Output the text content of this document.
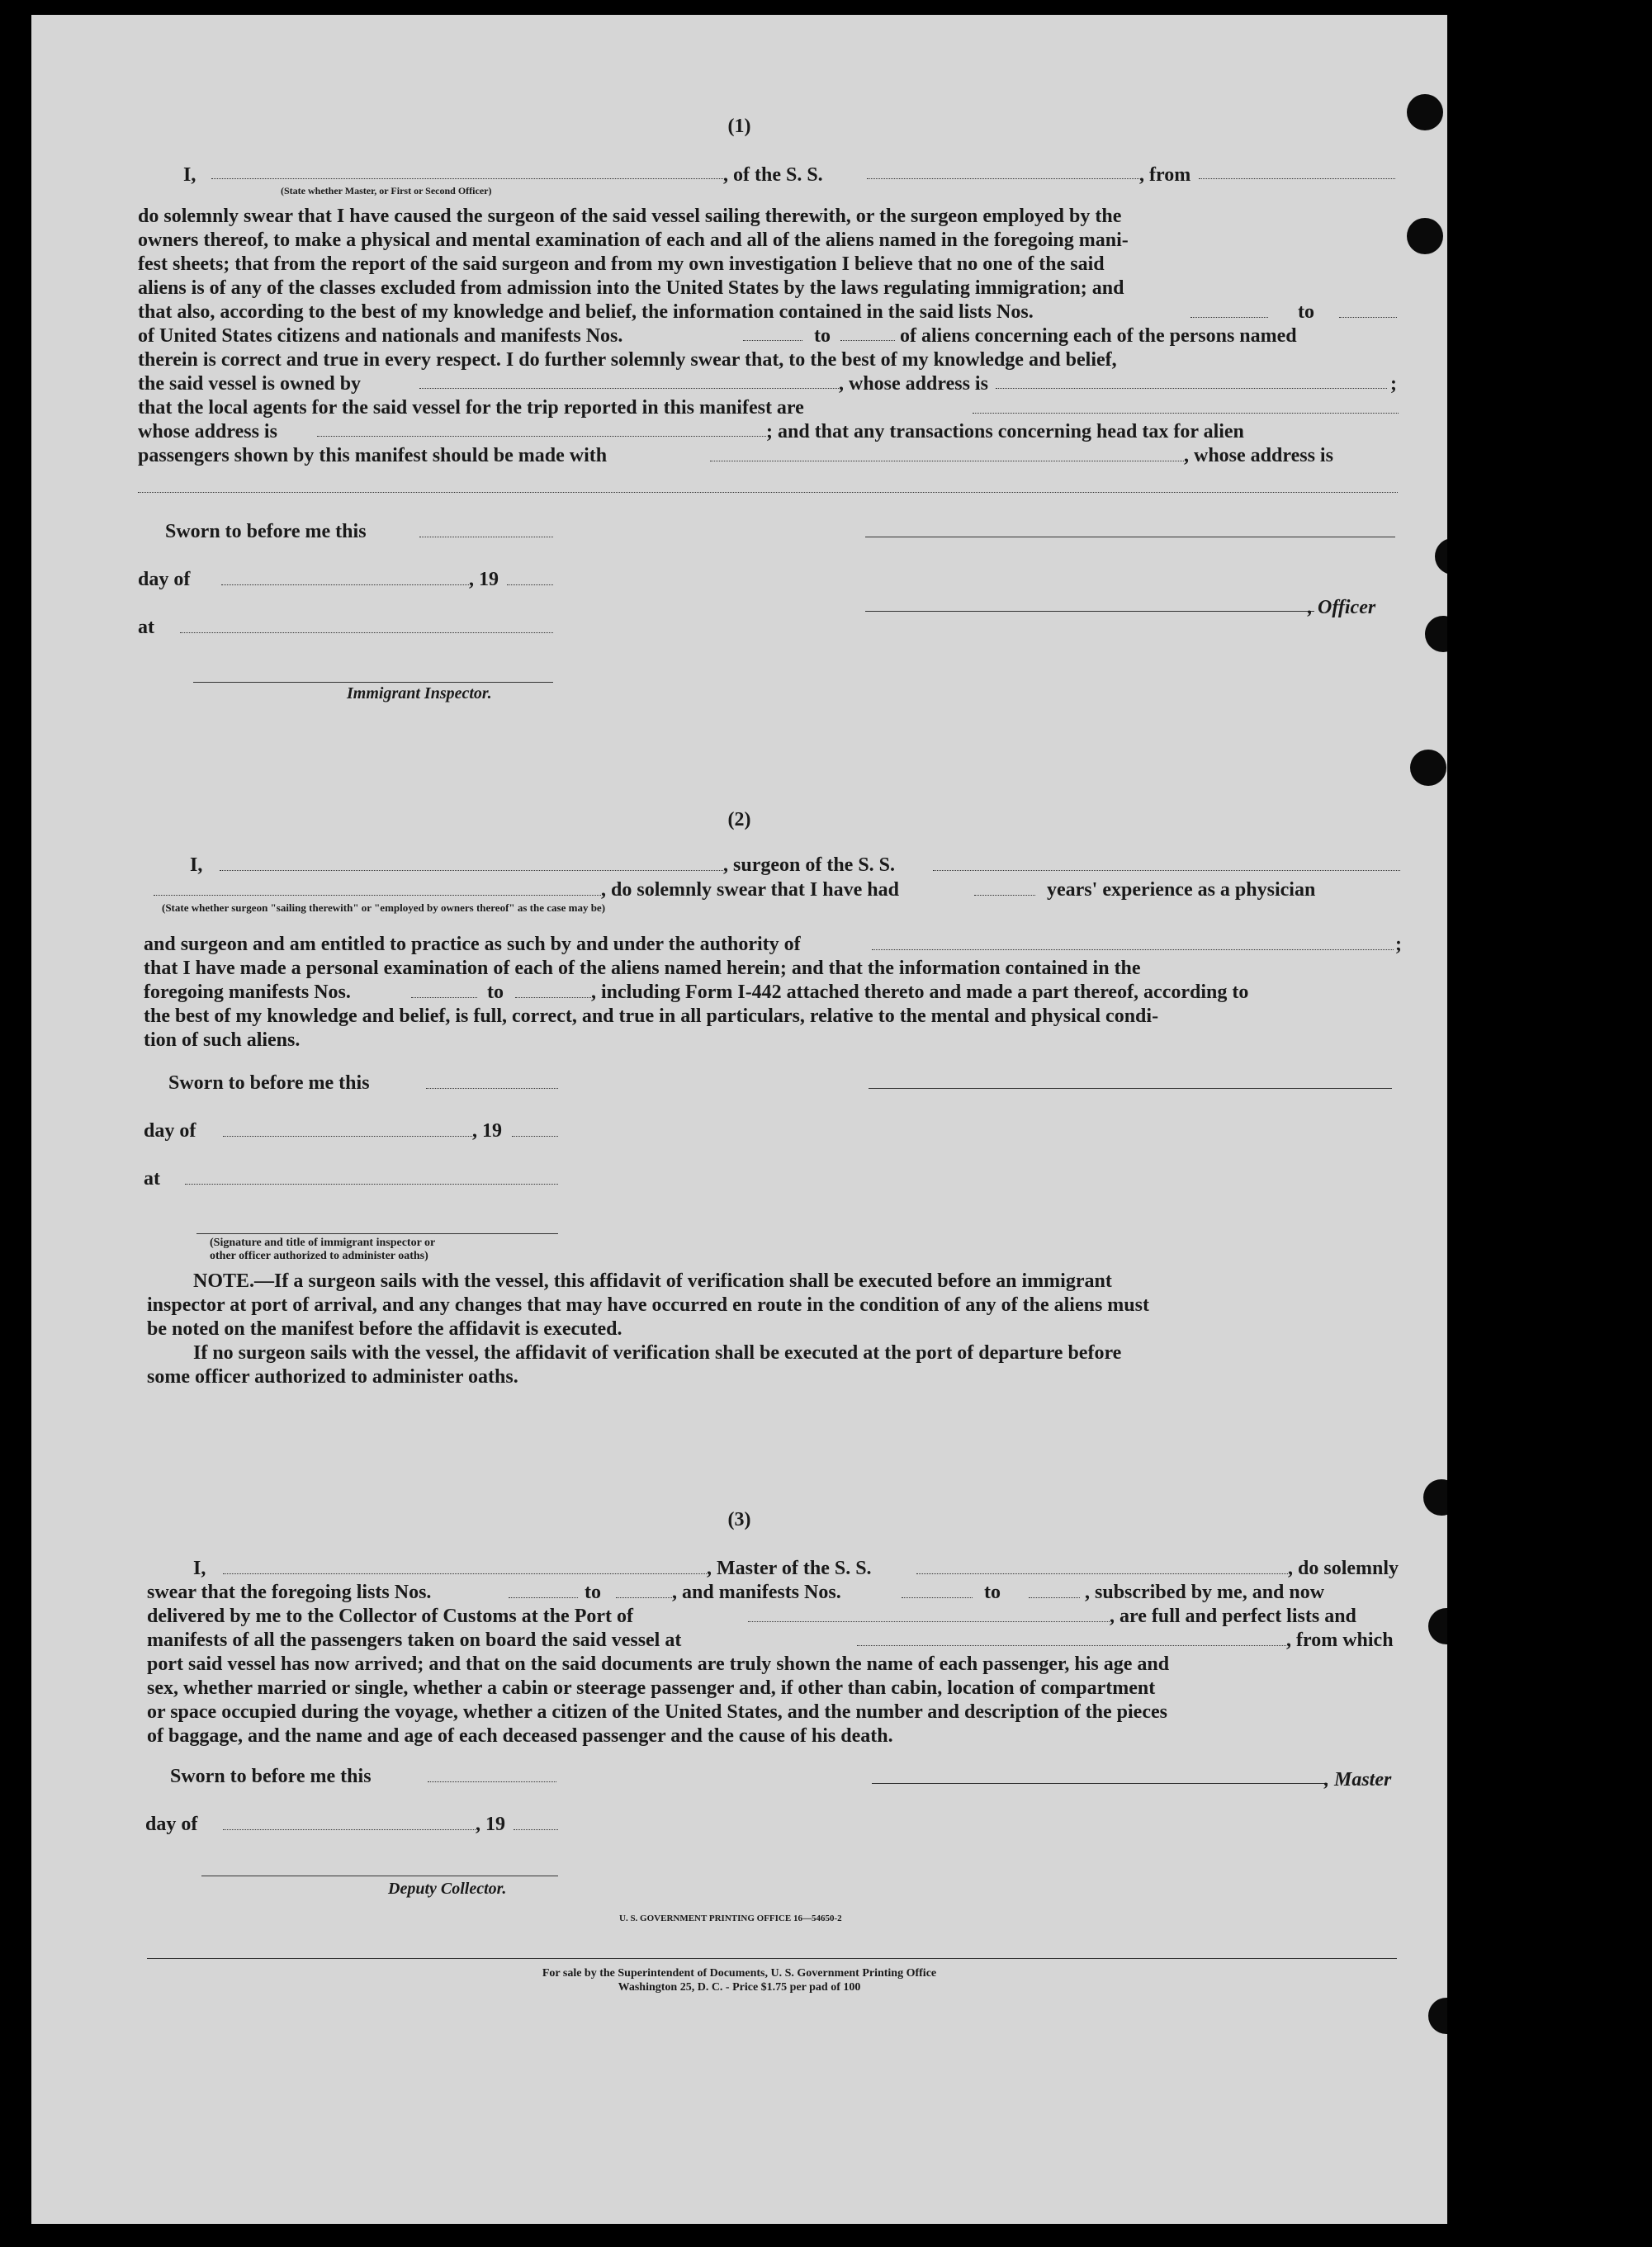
(1)
I,
(State whether Master, or First or Second Officer)
, of the S. S.	, from
do solemnly swear that I have caused the surgeon of the said vessel sailing therewith, or the surgeon employed by the
owners thereof, to make a physical and mental examination of each and all of the aliens named in the foregoing mani-
fest sheets; that from the report of the said surgeon and from my own investigation I believe that no one of the said
aliens is of any of the classes excluded from admission into the United States by the laws regulating immigration; and
that also, according to the best of my knowledge and belief, the information contained in the said lists Nos.	to
of United States citizens and nationals and manifests Nos.	to	of aliens concerning each of the persons named
therein is correct and true in every respect. I do further solemnly swear that, to the best of my knowledge and belief,
the said vessel is owned by	, whose address is	;
that the local agents for the said vessel for the trip reported in this manifest are
whose address is	; and that any transactions concerning head tax for alien
passengers shown by this manifest should be made with	, whose address is
Sworn to before me this
day of	, 19
, Officer
at
Immigrant Inspector.
(2)
I,	, surgeon of the S. S.
, do solemnly swear that I have had	years' experience as a physician
(State whether surgeon "sailing therewith" or "employed by owners thereof" as the case may be)
and surgeon and am entitled to practice as such by and under the authority of	;
that I have made a personal examination of each of the aliens named herein; and that the information contained in the
foregoing manifests Nos.	to	, including Form I-442 attached thereto and made a part thereof, according to
the best of my knowledge and belief, is full, correct, and true in all particulars, relative to the mental and physical condi-
tion of such aliens.
Sworn to before me this
day of	, 19
at
(Signature and title of immigrant inspector or
other officer authorized to administer oaths)
NOTE.—If a surgeon sails with the vessel, this affidavit of verification shall be executed before an immigrant
inspector at port of arrival, and any changes that may have occurred en route in the condition of any of the aliens must
be noted on the manifest before the affidavit is executed.
If no surgeon sails with the vessel, the affidavit of verification shall be executed at the port of departure before
some officer authorized to administer oaths.
(3)
I,	, Master of the S. S.	, do solemnly
swear that the foregoing lists Nos.	to	, and manifests Nos.	to	, subscribed by me, and now
delivered by me to the Collector of Customs at the Port of	, are full and perfect lists and
manifests of all the passengers taken on board the said vessel at	, from which
port said vessel has now arrived; and that on the said documents are truly shown the name of each passenger, his age and
sex, whether married or single, whether a cabin or steerage passenger and, if other than cabin, location of compartment
or space occupied during the voyage, whether a citizen of the United States, and the number and description of the pieces
of baggage, and the name and age of each deceased passenger and the cause of his death.
Sworn to before me this	, Master
day of	, 19
Deputy Collector.
U. S. GOVERNMENT PRINTING OFFICE 16—54650-2
For sale by the Superintendent of Documents, U. S. Government Printing Office
Washington 25, D. C. - Price $1.75 per pad of 100
